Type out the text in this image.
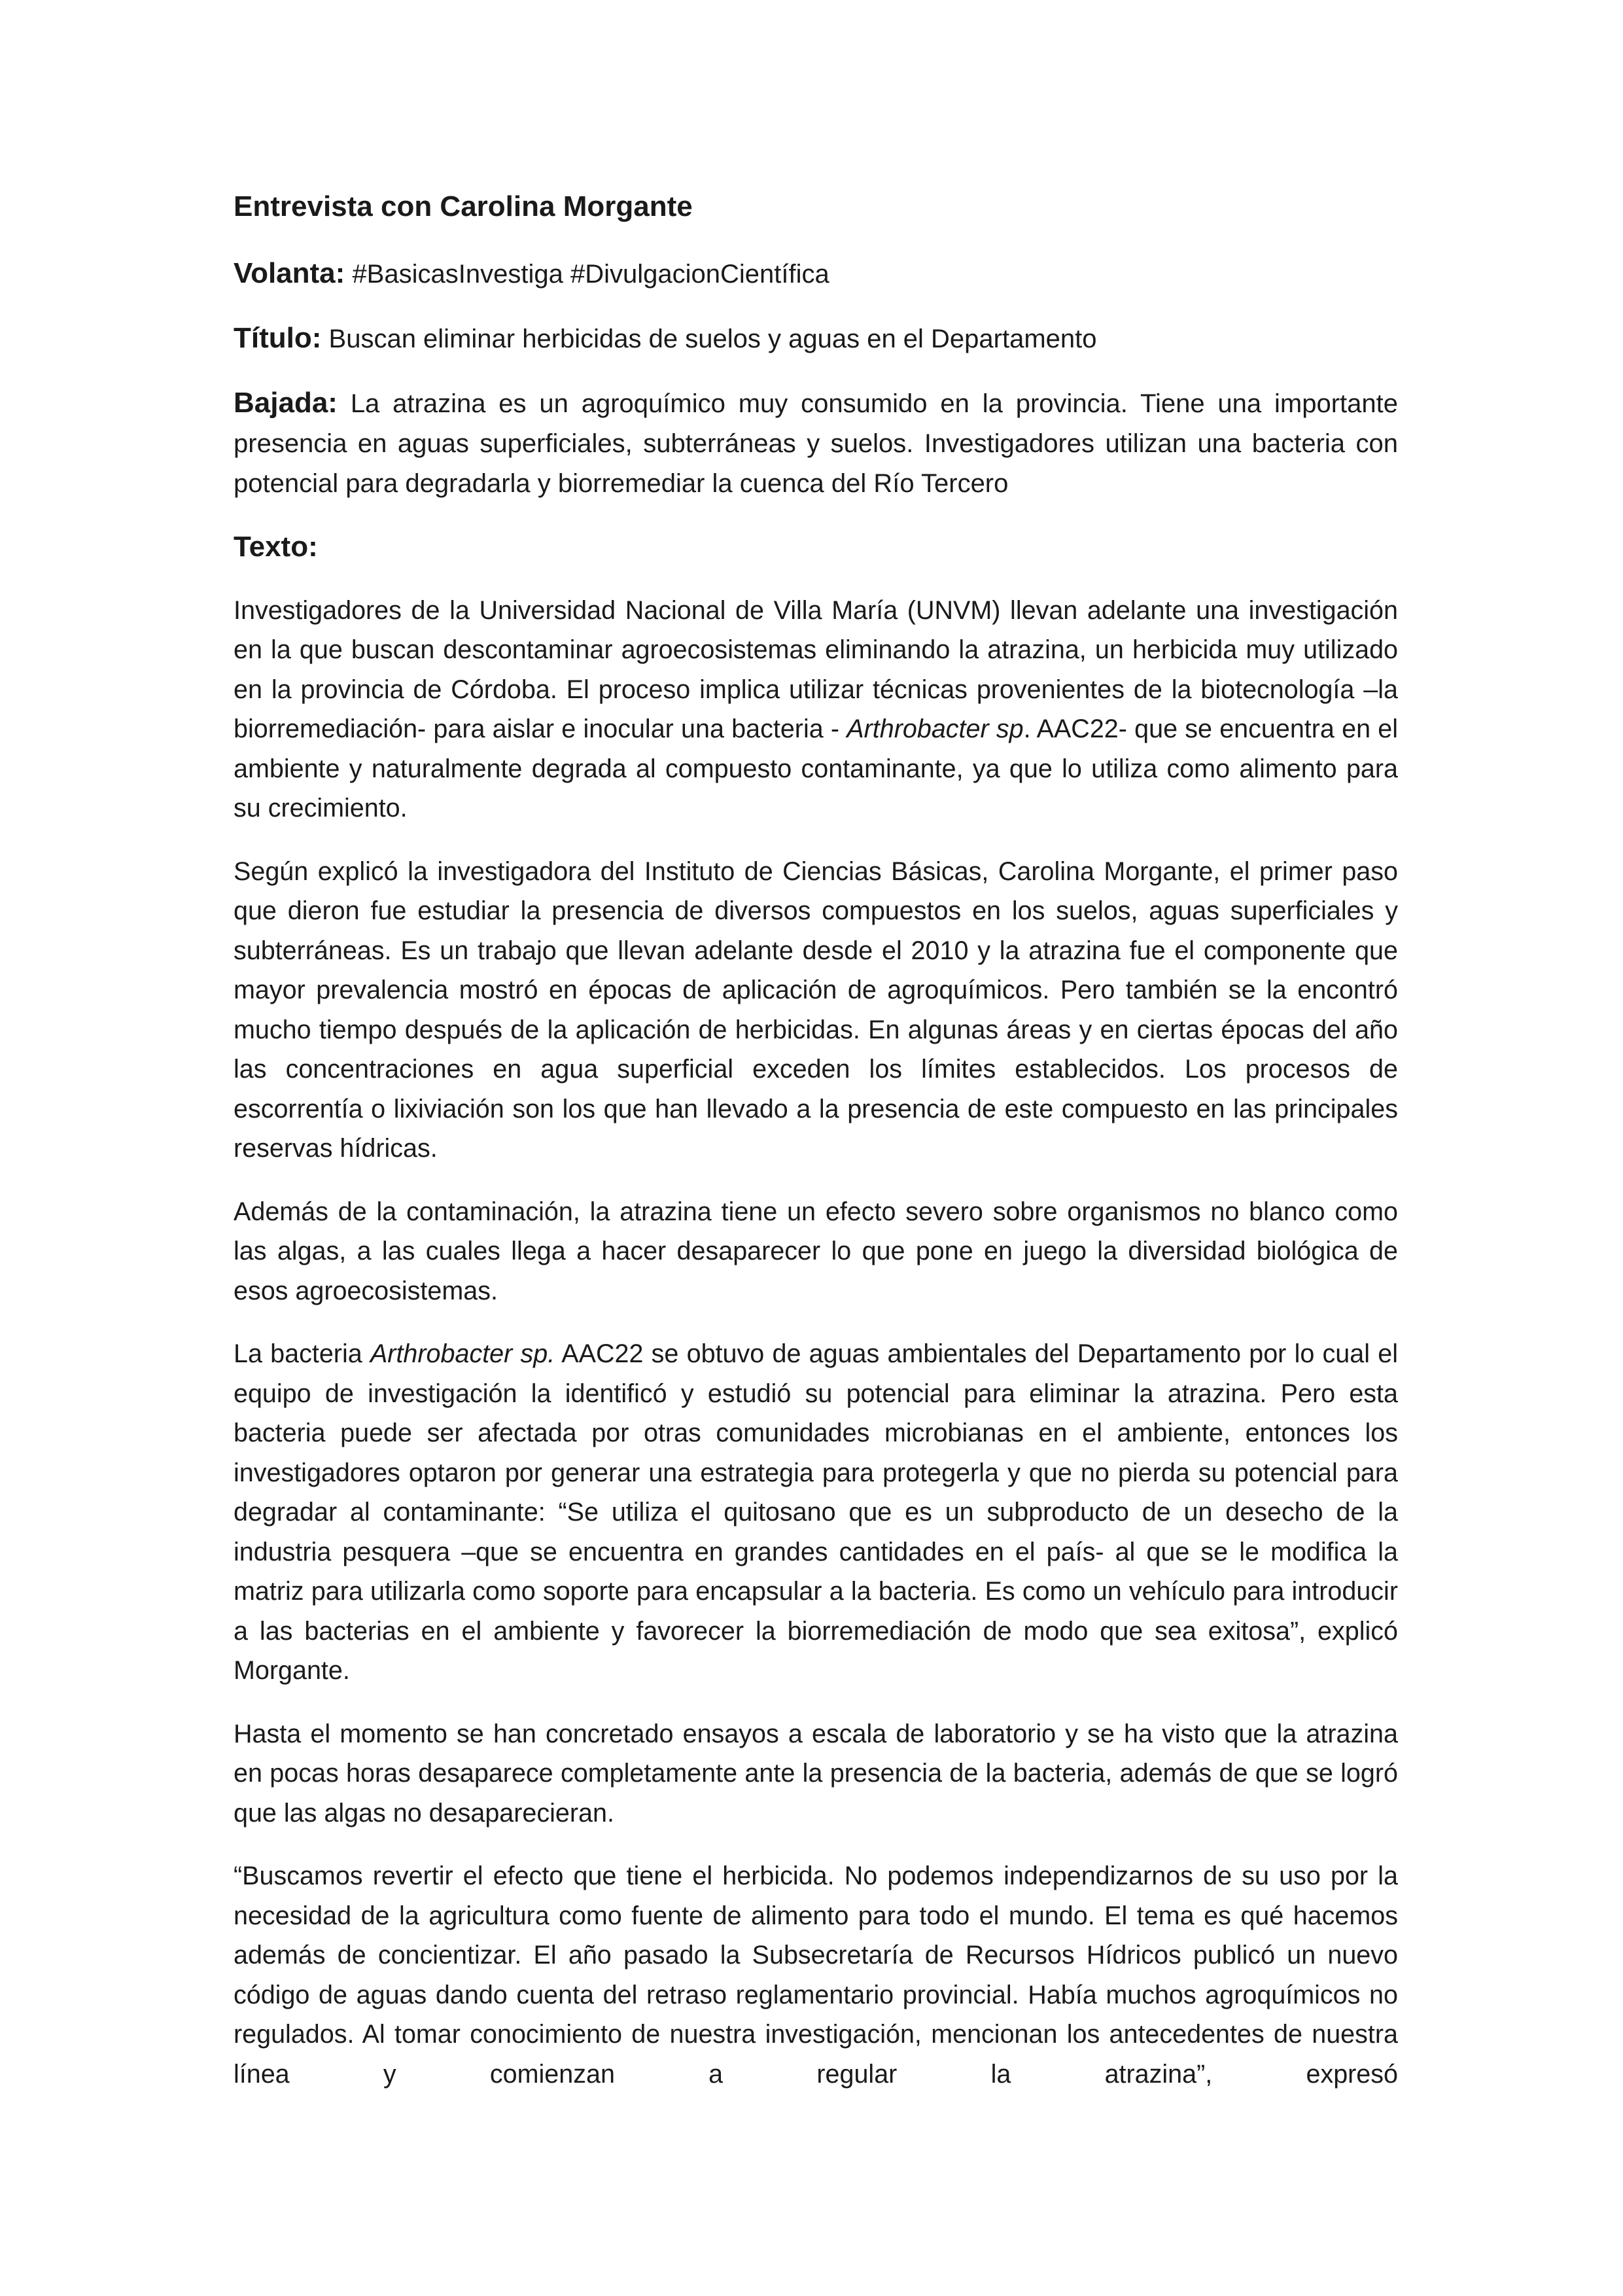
Entrevista con Carolina Morgante
Volanta: #BasicasInvestiga #DivulgacionCientífica
Título: Buscan eliminar herbicidas de suelos y aguas en el Departamento
Bajada: La atrazina es un agroquímico muy consumido en la provincia. Tiene una importante presencia en aguas superficiales, subterráneas y suelos. Investigadores utilizan una bacteria con potencial para degradarla y biorremediar la cuenca del Río Tercero
Texto:

Investigadores de la Universidad Nacional de Villa María (UNVM) llevan adelante una investigación en la que buscan descontaminar agroecosistemas eliminando la atrazina, un herbicida muy utilizado en la provincia de Córdoba. El proceso implica utilizar técnicas provenientes de la biotecnología –la biorremediación- para aislar e inocular una bacteria - Arthrobacter sp. AAC22- que se encuentra en el ambiente y naturalmente degrada al compuesto contaminante, ya que lo utiliza como alimento para su crecimiento.

Según explicó la investigadora del Instituto de Ciencias Básicas, Carolina Morgante, el primer paso que dieron fue estudiar la presencia de diversos compuestos en los suelos, aguas superficiales y subterráneas. Es un trabajo que llevan adelante desde el 2010 y la atrazina fue el componente que mayor prevalencia mostró en épocas de aplicación de agroquímicos. Pero también se la encontró mucho tiempo después de la aplicación de herbicidas. En algunas áreas y en ciertas épocas del año las concentraciones en agua superficial exceden los límites establecidos. Los procesos de escorrentía o lixiviación son los que han llevado a la presencia de este compuesto en las principales reservas hídricas.

Además de la contaminación, la atrazina tiene un efecto severo sobre organismos no blanco como las algas, a las cuales llega a hacer desaparecer lo que pone en juego la diversidad biológica de esos agroecosistemas.

La bacteria Arthrobacter sp. AAC22 se obtuvo de aguas ambientales del Departamento por lo cual el equipo de investigación la identificó y estudió su potencial para eliminar la atrazina. Pero esta bacteria puede ser afectada por otras comunidades microbianas en el ambiente, entonces los investigadores optaron por generar una estrategia para protegerla y que no pierda su potencial para degradar al contaminante: “Se utiliza el quitosano que es un subproducto de un desecho de la industria pesquera –que se encuentra en grandes cantidades en el país- al que se le modifica la matriz para utilizarla como soporte para encapsular a la bacteria. Es como un vehículo para introducir a las bacterias en el ambiente y favorecer la biorremediación de modo que sea exitosa”, explicó Morgante.

Hasta el momento se han concretado ensayos a escala de laboratorio y se ha visto que la atrazina en pocas horas desaparece completamente ante la presencia de la bacteria, además de que se logró que las algas no desaparecieran.

“Buscamos revertir el efecto que tiene el herbicida. No podemos independizarnos de su uso por la necesidad de la agricultura como fuente de alimento para todo el mundo. El tema es qué hacemos además de concientizar. El año pasado la Subsecretaría de Recursos Hídricos publicó un nuevo código de aguas dando cuenta del retraso reglamentario provincial. Había muchos agroquímicos no regulados. Al tomar conocimiento de nuestra investigación, mencionan los antecedentes de nuestra línea y comienzan a regular la atrazina”, expresó
